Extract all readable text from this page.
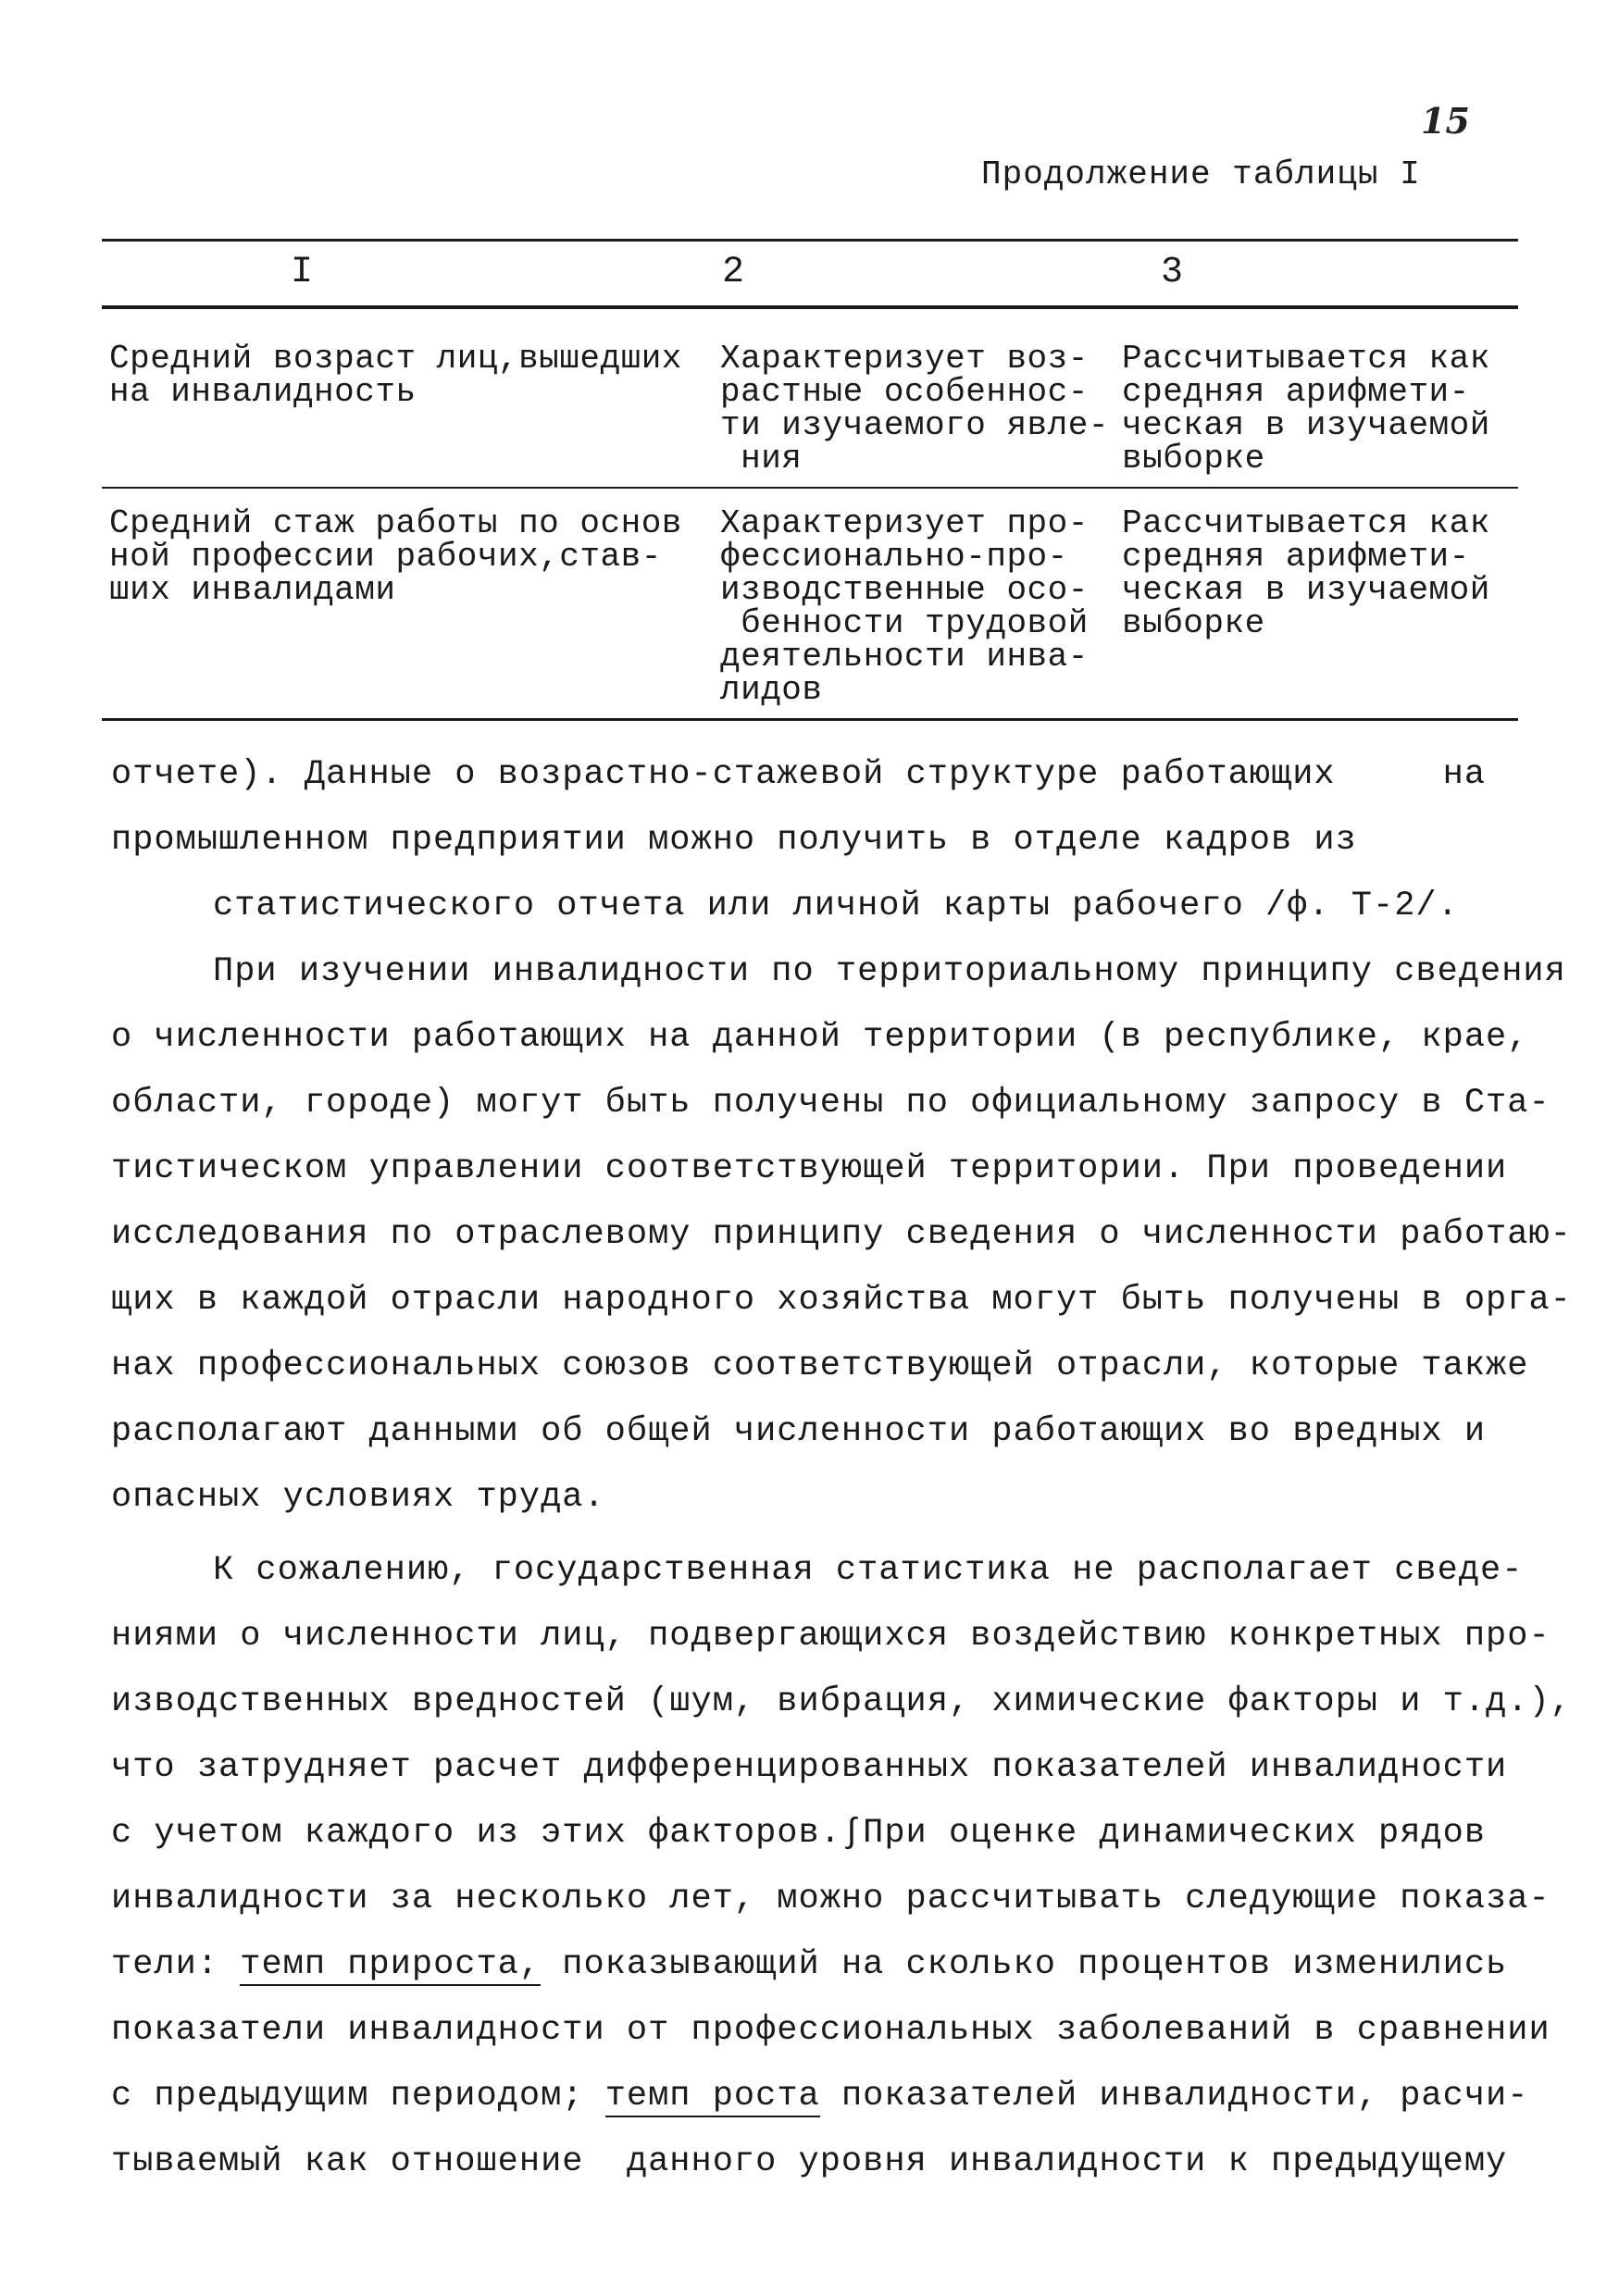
15
Продолжение таблицы I
I	2	3
Средний возраст лиц,вышедших
на инвалидность
Характеризует воз-
растные особеннос-
ти изучаемого явле-
ния
Рассчитывается как
средняя арифмети-
ческая в изучаемой
выборке
Средний стаж работы по основ
ной профессии рабочих,став-
ших инвалидами
Характеризует про-
фессионально-про-
изводственные осо-
бенности трудовой
деятельности инва-
лидов
Рассчитывается как
средняя арифмети-
ческая в изучаемой
выборке
отчете). Данные о возрастно-стажевой структуре работающих     на
промышленном предприятии можно получить в отделе кадров из
статистического отчета или личной карты рабочего /ф. Т-2/.
При изучении инвалидности по территориальному принципу сведения
о численности работающих на данной территории (в республике, крае,
области, городе) могут быть получены по официальному запросу в Ста-
тистическом управлении соответствующей территории. При проведении
исследования по отраслевому принципу сведения о численности работаю-
щих в каждой отрасли народного хозяйства могут быть получены в орга-
нах профессиональных союзов соответствующей отрасли, которые также
располагают данными об общей численности работающих во вредных и
опасных условиях труда.
К сожалению, государственная статистика не располагает сведе-
ниями о численности лиц, подвергающихся воздействию конкретных про-
изводственных вредностей (шум, вибрация, химические факторы и т.д.),
что затрудняет расчет дифференцированных показателей инвалидности
с учетом каждого из этих факторов.∫При оценке динамических рядов
инвалидности за несколько лет, можно рассчитывать следующие показа-
тели: темп прироста, показывающий на сколько процентов изменились
показатели инвалидности от профессиональных заболеваний в сравнении
с предыдущим периодом; темп роста показателей инвалидности, расчи-
тываемый как отношение  данного уровня инвалидности к предыдущему
